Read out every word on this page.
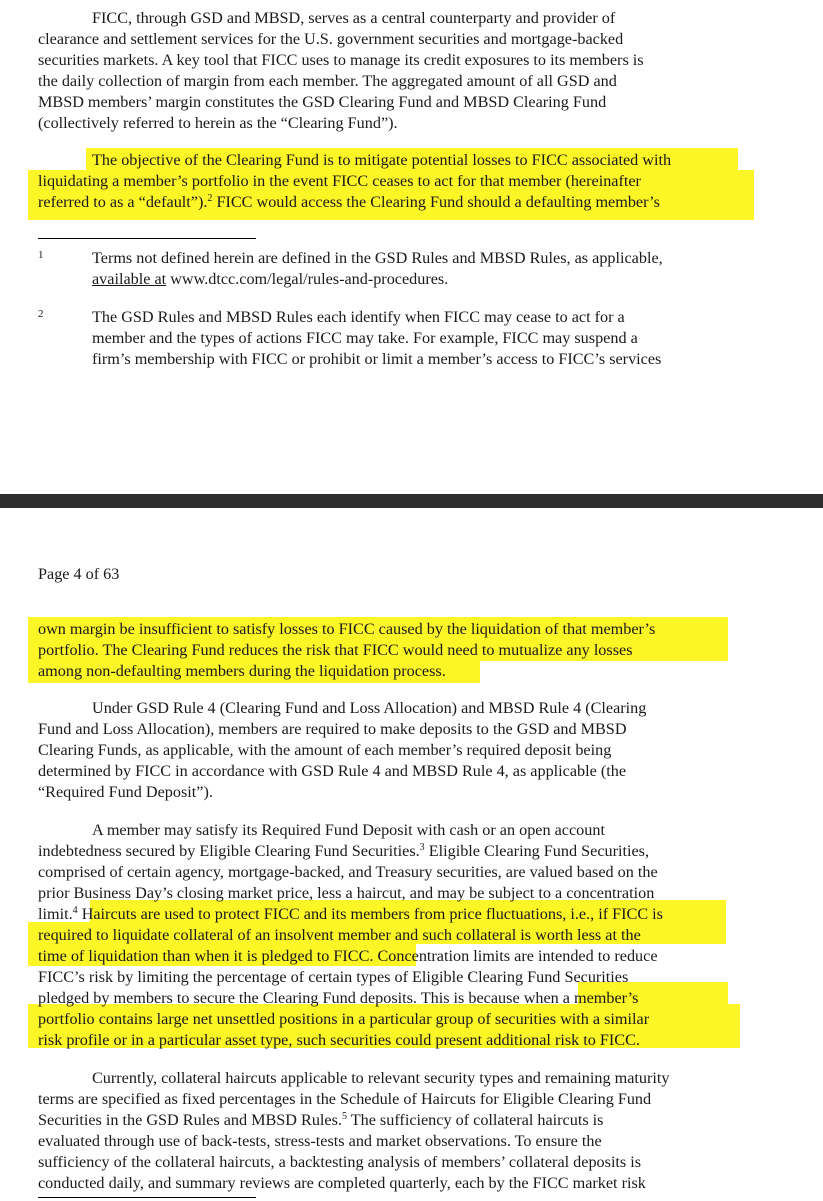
FICC, through GSD and MBSD, serves as a central counterparty and provider of
clearance and settlement services for the U.S. government securities and mortgage-backed
securities markets. A key tool that FICC uses to manage its credit exposures to its members is
the daily collection of margin from each member. The aggregated amount of all GSD and
MBSD members’ margin constitutes the GSD Clearing Fund and MBSD Clearing Fund
(collectively referred to herein as the “Clearing Fund”).
The objective of the Clearing Fund is to mitigate potential losses to FICC associated with
liquidating a member’s portfolio in the event FICC ceases to act for that member (hereinafter
referred to as a “default”).$^2$ FICC would access the Clearing Fund should a defaulting member’s
1	Terms not defined herein are defined in the GSD Rules and MBSD Rules, as applicable,
available at www.dtcc.com/legal/rules-and-procedures.
2	The GSD Rules and MBSD Rules each identify when FICC may cease to act for a
member and the types of actions FICC may take. For example, FICC may suspend a
firm’s membership with FICC or prohibit or limit a member’s access to FICC’s services
Page 4 of 63
own margin be insufficient to satisfy losses to FICC caused by the liquidation of that member’s
portfolio. The Clearing Fund reduces the risk that FICC would need to mutualize any losses
among non-defaulting members during the liquidation process.
Under GSD Rule 4 (Clearing Fund and Loss Allocation) and MBSD Rule 4 (Clearing
Fund and Loss Allocation), members are required to make deposits to the GSD and MBSD
Clearing Funds, as applicable, with the amount of each member’s required deposit being
determined by FICC in accordance with GSD Rule 4 and MBSD Rule 4, as applicable (the
“Required Fund Deposit”).
A member may satisfy its Required Fund Deposit with cash or an open account
indebtedness secured by Eligible Clearing Fund Securities.$^3$ Eligible Clearing Fund Securities,
comprised of certain agency, mortgage-backed, and Treasury securities, are valued based on the
prior Business Day’s closing market price, less a haircut, and may be subject to a concentration
limit.$^4$ Haircuts are used to protect FICC and its members from price fluctuations, i.e., if FICC is
required to liquidate collateral of an insolvent member and such collateral is worth less at the
time of liquidation than when it is pledged to FICC. Concentration limits are intended to reduce
FICC’s risk by limiting the percentage of certain types of Eligible Clearing Fund Securities
pledged by members to secure the Clearing Fund deposits. This is because when a member’s
portfolio contains large net unsettled positions in a particular group of securities with a similar
risk profile or in a particular asset type, such securities could present additional risk to FICC.
Currently, collateral haircuts applicable to relevant security types and remaining maturity
terms are specified as fixed percentages in the Schedule of Haircuts for Eligible Clearing Fund
Securities in the GSD Rules and MBSD Rules.$^5$ The sufficiency of collateral haircuts is
evaluated through use of back-tests, stress-tests and market observations. To ensure the
sufficiency of the collateral haircuts, a backtesting analysis of members’ collateral deposits is
conducted daily, and summary reviews are completed quarterly, each by the FICC market risk
